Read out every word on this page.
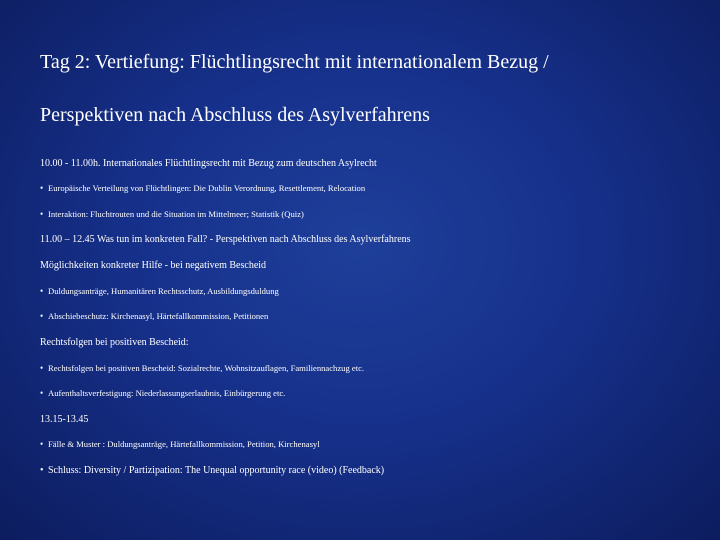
Tag 2: Vertiefung: Flüchtlingsrecht mit internationalem Bezug /
Perspektiven nach Abschluss des Asylverfahrens
10.00 - 11.00h. Internationales Flüchtlingsrecht mit Bezug zum deutschen Asylrecht
• Europäische Verteilung von Flüchtlingen: Die Dublin Verordnung, Resettlement, Relocation
• Interaktion: Fluchtrouten und die Situation im Mittelmeer; Statistik (Quiz)
11.00 – 12.45 Was tun im konkreten Fall? - Perspektiven nach Abschluss des Asylverfahrens
Möglichkeiten konkreter Hilfe - bei negativem Bescheid
• Duldungsanträge, Humanitären Rechtsschutz, Ausbildungsduldung
• Abschiebeschutz: Kirchenasyl, Härtefallkommission, Petitionen
Rechtsfolgen bei positiven Bescheid:
• Rechtsfolgen bei positiven Bescheid: Sozialrechte, Wohnsitzauflagen, Familiennachzug etc.
• Aufenthaltsverfestigung: Niederlassungserlaubnis, Einbürgerung etc.
13.15-13.45
• Fälle & Muster : Duldungsanträge, Härtefallkommission, Petition, Kirchenasyl
• Schluss: Diversity / Partizipation: The Unequal opportunity race (video) (Feedback)
